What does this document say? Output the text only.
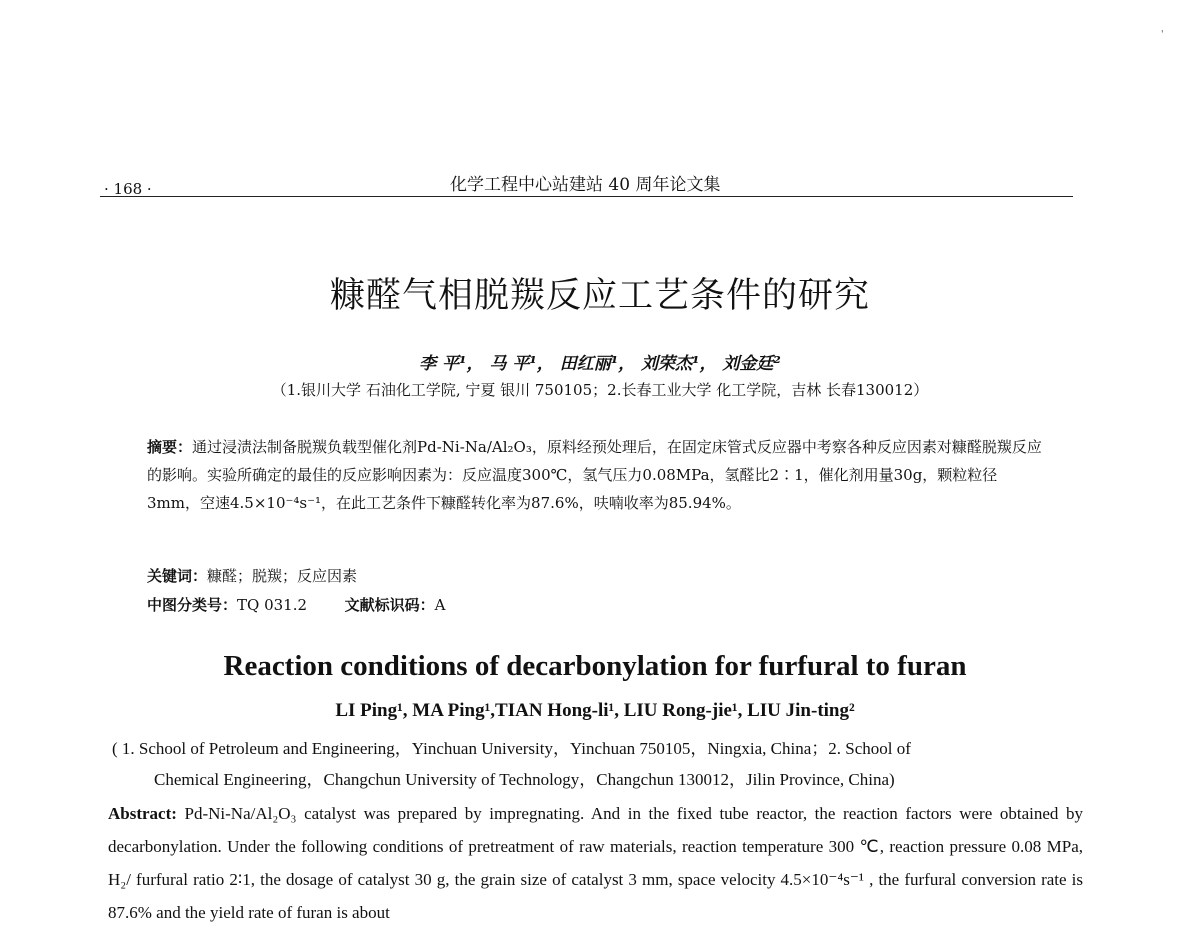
'
· 168 ·	化学工程中心站建站 40 周年论文集
糠醛气相脱羰反应工艺条件的研究
李 平¹， 马 平¹， 田红丽¹， 刘荣杰¹， 刘金廷²
（1.银川大学 石油化工学院, 宁夏 银川 750105；2.长春工业大学 化工学院，吉林 长春130012）
摘要：通过浸渍法制备脱羰负载型催化剂Pd-Ni-Na/Al₂O₃，原料经预处理后，在固定床管式反应器中考察各种反应因素对糠醛脱羰反应的影响。实验所确定的最佳的反应影响因素为：反应温度300℃，氢气压力0.08MPa，氢醛比2∶1，催化剂用量30g，颗粒粒径3mm，空速4.5×10⁻⁴s⁻¹，在此工艺条件下糠醛转化率为87.6%，呋喃收率为85.94%。
关键词：糠醛；脱羰；反应因素
中图分类号：TQ 031.2	文献标识码：A
Reaction conditions of decarbonylation for furfural to furan
LI Ping¹, MA Ping¹,TIAN Hong-li¹, LIU Rong-jie¹, LIU Jin-ting²
( 1. School of Petroleum and Engineering，Yinchuan University，Yinchuan 750105，Ningxia, China；2. School of
Chemical Engineering，Changchun University of Technology，Changchun 130012，Jilin Province, China)
Abstract: Pd-Ni-Na/Al₂O₃ catalyst was prepared by impregnating. And in the fixed tube reactor, the reaction factors were obtained by decarbonylation. Under the following conditions of pretreatment of raw materials, reaction temperature 300 ℃, reaction pressure 0.08 MPa, H₂/ furfural ratio 2∶1, the dosage of catalyst 30 g, the grain size of catalyst 3 mm, space velocity 4.5×10⁻⁴s⁻¹ , the furfural conversion rate is 87.6% and the yield rate of furan is about
